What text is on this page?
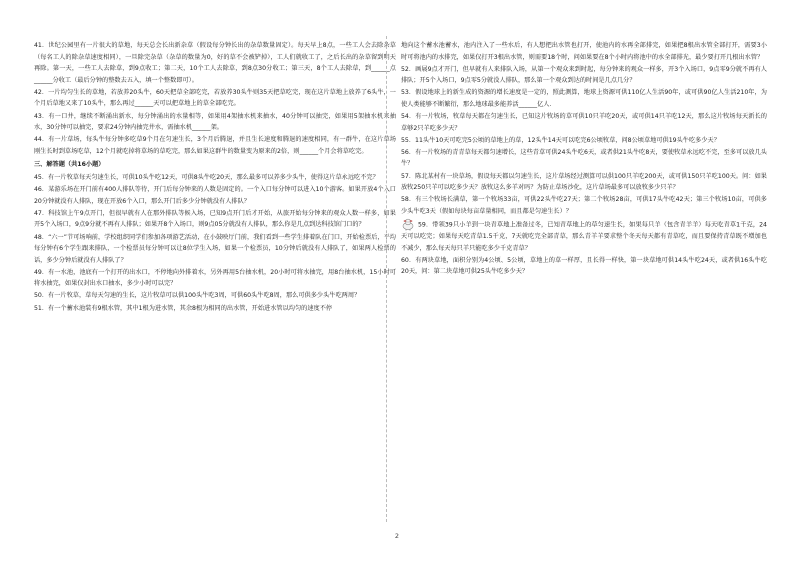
41．世纪公园里有一片很大的草地，每天总会长出新杂草（假设每分钟长出的杂草数量固定）。每天早上8点，一些工人会去除杂草（每名工人的除杂草速度相同），一旦除完杂草（杂草的数量为0，好的草不会被铲掉），工人们就收工了，之后长出的杂草留到明天再除。第一天，一些工人去除草，到9点收工；第二天，10个工人去除草，到8点30分收工；第三天，8个工人去除草，到______点______分收工（最后分钟的整数去五入，填一个整数即可）。

42．一片均匀生长的草地，若放养20头牛，60天把草全部吃完，若放养30头牛则35天把草吃完，现在这片草地上放养了6头牛，一个月后草地又来了10头牛，那么再过______天可以把草地上的草全部吃完。

43．有一口井，继续不断涌出新水，每分钟涌出的水量相等，如果用4架抽水机来抽水，40分钟可以抽完，如果用5架抽水机来抽水，30分钟可以抽完，要求24分钟内抽完井水，需抽水机______架。

44．有一片草场，每头牛每分钟多吃草9个月在匀速生长，3个月后腾退，并且生长速度和腾退的速度相同，有一群牛，在这片草场刚生长时到草场吃草，12个月就吃掉将草场的草吃完，那么如果这群牛的数量变为原来的2倍，则______个月会将草吃完。

三、解答题（共16小题）

45．有一片牧草每天匀速生长，可供10头牛吃12天，可供8头牛吃20天，那么最多可以养多少头牛，使得这片草永远吃不完？

46．某游乐场在开门前有400人排队等待，开门后每分钟来的人数是固定的。一个入口每分钟可以进入10个游客。如果开放4个入口20分钟就没有人排队，现在开放6个入口，那么开门后多少分钟就没有人排队？

47．科技馆上午9点开门，但很早就有人在那外排队等候入场，已知9点开门后才开始，从旅开始每分钟来的观众人数一样多，如果开5个入场口，9点9分就不再有人排队；如果开8个入场口，则9点05分就没有人排队，那么你是几点到达科技馆门口的？

48．“六一”节可场响前，学校组织同学们参加各项游艺活动，在小鼓映厅门前，我们看到一些学生排着队在门口，开始检票后，平均每分钟有6个学生跟来排队，一个检票员每分钟可以让8位学生入场，如果一个检票员，10分钟后就没有人排队了，如果两人检票的话，多少分钟后就没有人排队了？

49．有一水池，池底有一个打开的出水口，不停地向外排着水，另外再用5台抽水机，20小时可将水抽完，用8台抽水机，15小时可将水抽完，如果仅封出水口抽水，多少小时可以完？

50．有一片牧草，草每天匀速的生长，这片牧草可以供100头牛吃3周，可供60头牛吃8周，那么可供多少头牛吃两周？

51．有一个蓄水池装有9根水管，其中1根为进水管，其余8根为相同的出水管，开始进水管以均匀的速度不停

地向这个蓄水池蓄水，池内注入了一些水后，有人想把出水管也打开，使池内的水再全部排完，如果把8根出水管全部打开，需要3小时可将池内的水排完，如果仅打开3根出水管，则需要18个时，问如果要在8个小时内将池中的水全部排光，最少要打开几根出水管？

52．画展9点才开门，但早就有人来排队入场，从第一个观众来到时起，每分钟来的观众一样多，开3个入场口，9点零9分就不再有人排队；开5个入场口，9点零5分就没人排队，那么第一个观众到达的时间是几点几分？

53．假设地球上的新生成的资源的增长速度是一定的，照此测算，地球上资源可供110亿人生活90年，或可供90亿人生活210年，为使人类能够不断繁衍，那么地球最多能养活______亿人．

54．有一片牧场，牧草每天都在匀速生长，已知这片牧场的草可供10只羊吃20天，或可供14只羊吃12天，那么这片牧场每天新长的草够2只羊吃多少天？

55．11头牛10天可吃完5公顷的草地上的草，12头牛14天可以吃完6公顷牧草，问8公顷草地可供19头牛吃多少天？

56．有一片牧场的青青草每天都匀速增长，这些青草可供24头牛吃6天，或者供21头牛吃8天，要使牧草永远吃不完，至多可以放几头牛？

57．陈北某村有一块草场，假设每天都以匀速生长，这片草场经过测算可以供100只羊吃200天，或可供150只羊吃100天。问：如果放牧250只羊可以吃多少天？放牧这么多羊对吗？为防止草场沙化，这片草场最多可以放牧多少只羊？

58．有三个牧场长满草，第一个牧场33亩，可供22头牛吃27天；第二个牧场28亩，可供17头牛吃42天；第三个牧场10亩，可供多少头牛吃3天（假如每块每亩草量相同，而且都是匀速生长）？

59．带领39只小羊到一块青草地上准备过冬，已知青草地上的草匀速生长，如果每只羊（包含青羊羊）每天吃青草1千克，24天可以吃完；如果每天吃青草1.5千克，7天就吃完全部青草，那么青羊羊要求整个冬天每天都有青草吃，而且要保持青草既不增加也不减少，那么每天每只羊只能吃多少千克青草？

60．有两块草地，面积分别为4公顷、5公顷，草地上的草一样厚，且长得一样快，第一块草地可供14头牛吃24天，或者供16头牛吃20天，问：第二块草地可供25头牛吃多少天？

2
